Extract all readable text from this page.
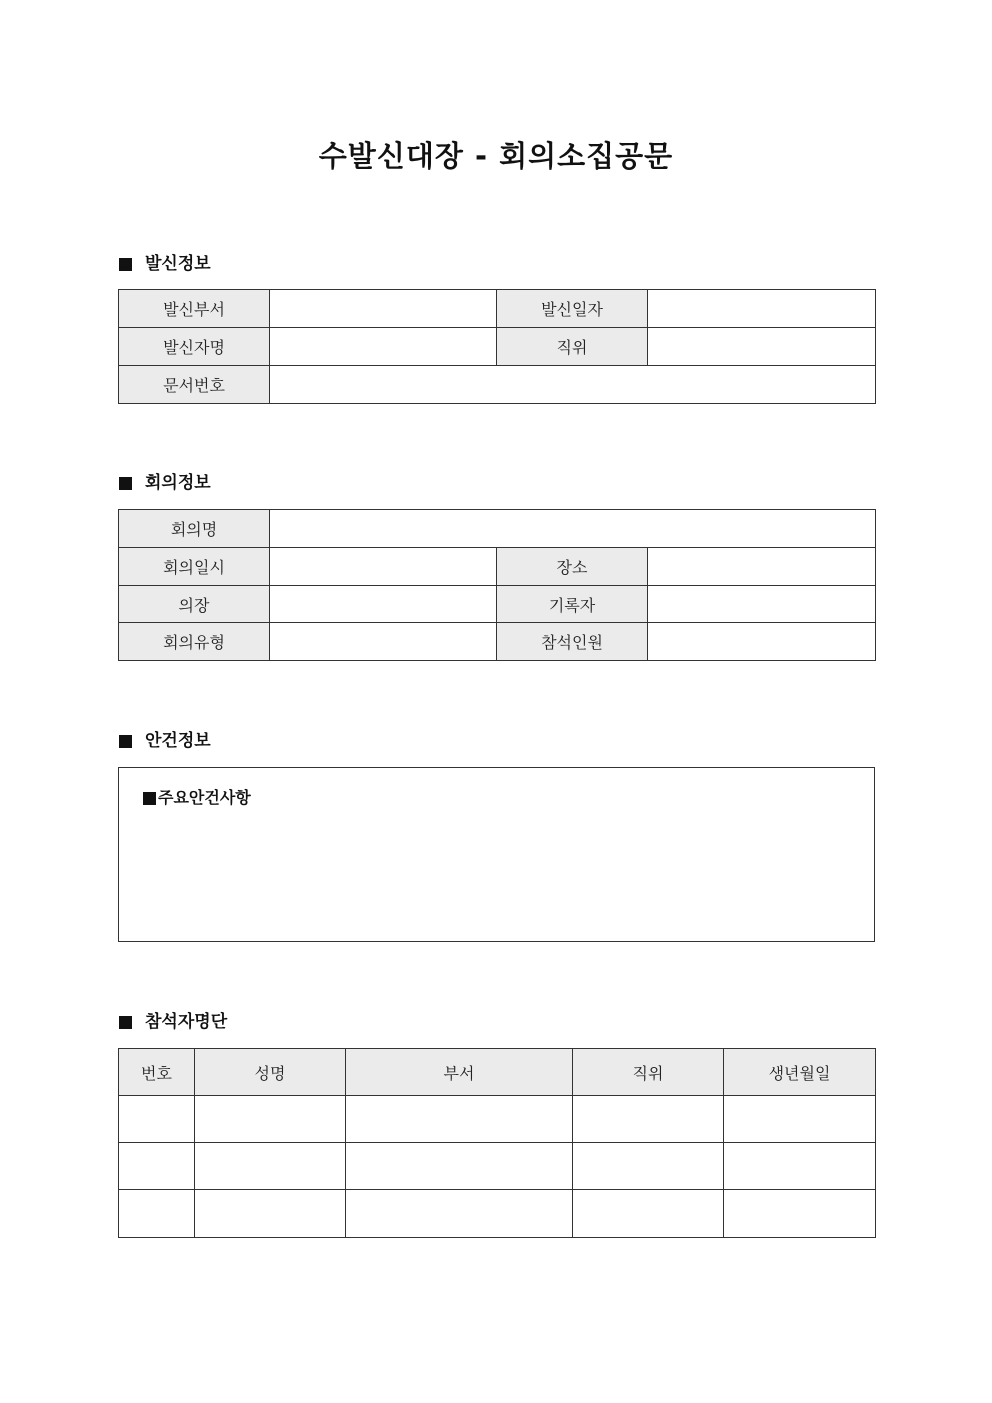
수발신대장 - 회의소집공문
발신정보
발신부서		발신일자	
발신자명		직위	
문서번호			
회의정보
회의명			
회의일시		장소	
의장		기록자	
회의유형		참석인원	
안건정보
주요안건사항
참석자명단
번호	성명	부서	직위	생년월일
